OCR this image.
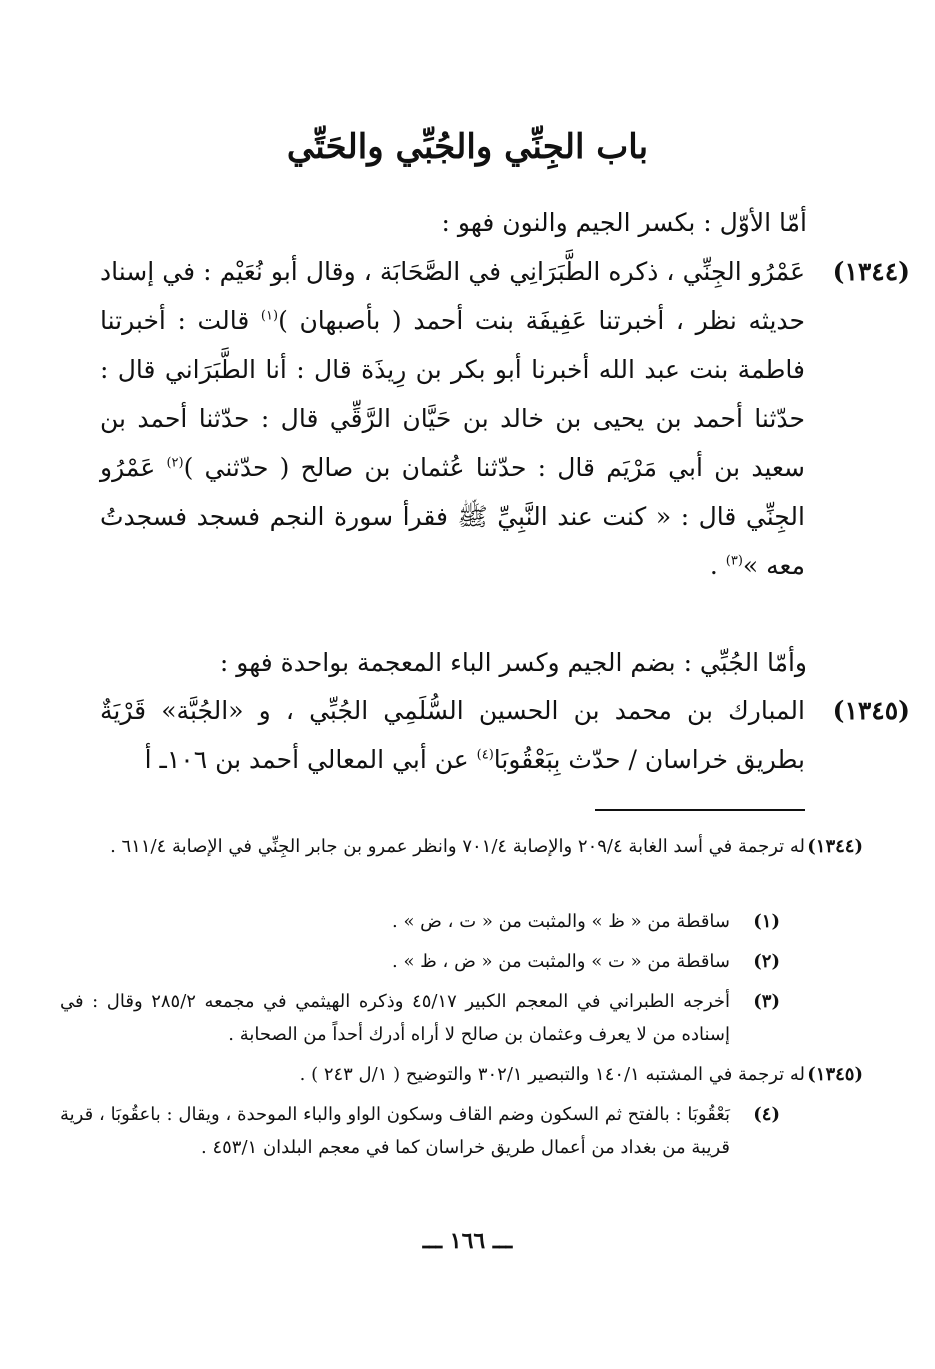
باب الجِنِّي والجُبِّي والحَتِّي
أمّا الأوّل : بكسر الجيم والنون فهو :
(١٣٤٤)

عَمْرُو الجِنِّي ، ذكره الطَّبَرَانِي في الصَّحَابَة ، وقال أبو نُعَيْم : في إسناد حديثه نظر ، أخبرتنا عَفِيفَة بنت أحمد ( بأصبهان )$^{(١)}$ قالت : أخبرتنا فاطمة بنت عبد الله أخبرنا أبو بكر بن رِيذَة قال : أنا الطَّبَرَاني قال : حدّثنا أحمد بن يحيى بن خالد بن حَيَّان الرَّقِّي قال : حدّثنا أحمد بن سعيد بن أبي مَرْيَم قال : حدّثنا عُثمان بن صالح ( حدّثني )$^{(٢)}$ عَمْرُو الجِنِّي قال : « كنت عند النَّبِيِّ ﷺ فقرأ سورة النجم فسجد فسجدتُ معه »$^{(٣)}$ .

وأمّا الجُبِّي : بضم الجيم وكسر الباء المعجمة بواحدة فهو :
(١٣٤٥)

المبارك بن محمد بن الحسين السُّلَمِي الجُبِّي ، و «الجُبَّة» قَرْيَةٌ بطريق خراسان / حدّث بِبَعْقُوبَا$^{(٤)}$ عن أبي المعالي أحمد بن ١٠٦ـ أ

(١٣٤٤)

له ترجمة في أسد الغابة ٢٠٩/٤ والإصابة ٧٠١/٤ وانظر عمرو بن جابر الجِنِّي في الإصابة ٦١١/٤ .

(١)

ساقطة من « ظ » والمثبت من « ت ، ض » .

(٢)

ساقطة من « ت » والمثبت من « ض ، ظ » .

(٣)

أخرجه الطبراني في المعجم الكبير ٤٥/١٧ وذكره الهيثمي في مجمعه ٢٨٥/٢ وقال : في إسناده من لا يعرف وعثمان بن صالح لا أراه أدرك أحداً من الصحابة .

(١٣٤٥)

له ترجمة في المشتبه ١٤٠/١ والتبصير ٣٠٢/١ والتوضيح ( ١/ل ٢٤٣ ) .

(٤)

بَعْقُوبَا : بالفتح ثم السكون وضم القاف وسكون الواو والباء الموحدة ، ويقال : باعقُوبَا ، قرية قريبة من بغداد من أعمال طريق خراسان كما في معجم البلدان ٤٥٣/١ .

ـــ ١٦٦ ـــ
